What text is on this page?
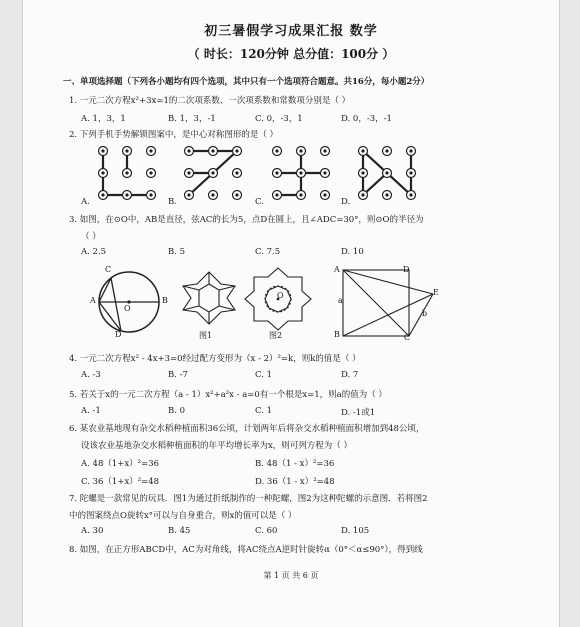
初三暑假学习成果汇报 数学
（ 时长：120分钟 总分值：100分 ）
一、单项选择题（下列各小题均有四个选项，其中只有一个选项符合题意。共16分，每小题2分）
1. 一元二次方程x²+3x=1的二次项系数、一次项系数和常数项分别是（ ）
A. 1，3，1	B. 1，3，-1	C. 0，-3，1	D. 0，-3，-1
2. 下列手机手势解锁图案中，是中心对称图形的是（ ）
A.	B.	C.	D.
3. 如图，在⊙O中，AB是直径，弦AC的长为5，点D在圆上，且∠ADC=30°，则⊙O的半径为
（ ）
A. 2.5	B. 5	C. 7.5	D. 10
C
A
O
B
D	图1
O
图2
A	D
E
B	C
a
b
4. 一元二次方程x² - 4x+3=0经过配方变形为（x - 2）²=k，则k的值是（ ）
A. -3	B. -7	C. 1	D. 7
5. 若关于x的一元二次方程（a - 1）x²+a²x - a=0有一个根是x=1，则a的值为（ ）
A. -1	B. 0	C. 1	D. -1或1
6. 某农业基地现有杂交水稻种植面积36公顷，计划两年后将杂交水稻种植面积增加到48公顷，
设该农业基地杂交水稻种植面积的年平均增长率为x，则可列方程为（ ）
A. 48（1+x）²=36	B. 48（1 - x）²=36
C. 36（1+x）²=48	D. 36（1 - x）²=48
7. 陀螺是一款常见的玩具．图1为通过折纸制作的一种陀螺，图2为这种陀螺的示意图．若将图2
中的图案绕点O旋转x°可以与自身重合，则x的值可以是（ ）
A. 30	B. 45	C. 60	D. 105
8. 如图，在正方形ABCD中，AC为对角线，将AC绕点A逆时针旋转α（0°＜α≤90°），得到线
第 1 页 共 6 页
